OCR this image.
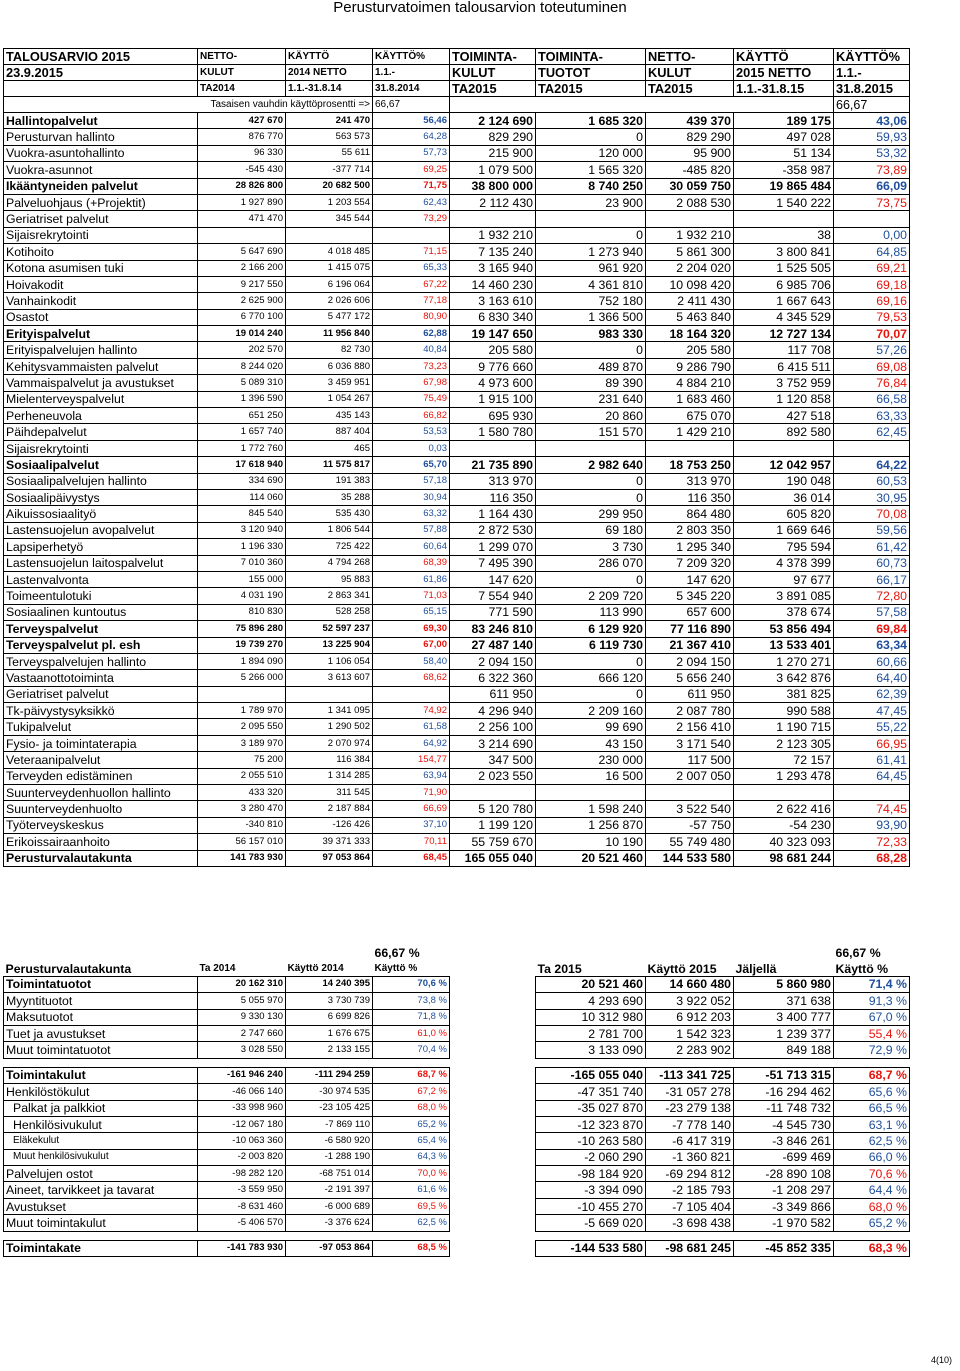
Perusturvatoimen talousarvion toteutuminen
TALOUSARVIO 2015	NETTO-	KÄYTTÖ	KÄYTTÖ%	TOIMINTA-	TOIMINTA-	NETTO-	KÄYTTÖ	KÄYTTÖ%
23.9.2015	KULUT	2014 NETTO	1.1.-	KULUT	TUOTOT	KULUT	2015 NETTO	1.1.-
	TA2014	1.1.-31.8.14	31.8.2014	TA2015	TA2015	TA2015	1.1.-31.8.15	31.8.2015
Tasaisen vauhdin käyttöprosentti =>			66,67					66,67
Hallintopalvelut	427 670	241 470	56,46	2 124 690	1 685 320	439 370	189 175	43,06
Perusturvan hallinto	876 770	563 573	64,28	829 290	0	829 290	497 028	59,93
Vuokra-asuntohallinto	96 330	55 611	57,73	215 900	120 000	95 900	51 134	53,32
Vuokra-asunnot	-545 430	-377 714	69,25	1 079 500	1 565 320	-485 820	-358 987	73,89
Ikääntyneiden palvelut	28 826 800	20 682 500	71,75	38 800 000	8 740 250	30 059 750	19 865 484	66,09
Palveluohjaus (+Projektit)	1 927 890	1 203 554	62,43	2 112 430	23 900	2 088 530	1 540 222	73,75
Geriatriset palvelut	471 470	345 544	73,29					
Sijaisrekrytointi				1 932 210	0	1 932 210	38	0,00
Kotihoito	5 647 690	4 018 485	71,15	7 135 240	1 273 940	5 861 300	3 800 841	64,85
Kotona asumisen tuki	2 166 200	1 415 075	65,33	3 165 940	961 920	2 204 020	1 525 505	69,21
Hoivakodit	9 217 550	6 196 064	67,22	14 460 230	4 361 810	10 098 420	6 985 706	69,18
Vanhainkodit	2 625 900	2 026 606	77,18	3 163 610	752 180	2 411 430	1 667 643	69,16
Osastot	6 770 100	5 477 172	80,90	6 830 340	1 366 500	5 463 840	4 345 529	79,53
Erityispalvelut	19 014 240	11 956 840	62,88	19 147 650	983 330	18 164 320	12 727 134	70,07
Erityispalvelujen hallinto	202 570	82 730	40,84	205 580	0	205 580	117 708	57,26
Kehitysvammaisten palvelut	8 244 020	6 036 880	73,23	9 776 660	489 870	9 286 790	6 415 511	69,08
Vammaispalvelut ja avustukset	5 089 310	3 459 951	67,98	4 973 600	89 390	4 884 210	3 752 959	76,84
Mielenterveyspalvelut	1 396 590	1 054 267	75,49	1 915 100	231 640	1 683 460	1 120 858	66,58
Perheneuvola	651 250	435 143	66,82	695 930	20 860	675 070	427 518	63,33
Päihdepalvelut	1 657 740	887 404	53,53	1 580 780	151 570	1 429 210	892 580	62,45
Sijaisrekrytointi	1 772 760	465	0,03					
Sosiaalipalvelut	17 618 940	11 575 817	65,70	21 735 890	2 982 640	18 753 250	12 042 957	64,22
Sosiaalipalvelujen hallinto	334 690	191 383	57,18	313 970	0	313 970	190 048	60,53
Sosiaalipäivystys	114 060	35 288	30,94	116 350	0	116 350	36 014	30,95
Aikuissosiaalityö	845 540	535 430	63,32	1 164 430	299 950	864 480	605 820	70,08
Lastensuojelun avopalvelut	3 120 940	1 806 544	57,88	2 872 530	69 180	2 803 350	1 669 646	59,56
Lapsiperhetyö	1 196 330	725 422	60,64	1 299 070	3 730	1 295 340	795 594	61,42
Lastensuojelun laitospalvelut	7 010 360	4 794 268	68,39	7 495 390	286 070	7 209 320	4 378 399	60,73
Lastenvalvonta	155 000	95 883	61,86	147 620	0	147 620	97 677	66,17
Toimeentulotuki	4 031 190	2 863 341	71,03	7 554 940	2 209 720	5 345 220	3 891 085	72,80
Sosiaalinen kuntoutus	810 830	528 258	65,15	771 590	113 990	657 600	378 674	57,58
Terveyspalvelut	75 896 280	52 597 237	69,30	83 246 810	6 129 920	77 116 890	53 856 494	69,84
Terveyspalvelut pl. esh	19 739 270	13 225 904	67,00	27 487 140	6 119 730	21 367 410	13 533 401	63,34
Terveyspalvelujen hallinto	1 894 090	1 106 054	58,40	2 094 150	0	2 094 150	1 270 271	60,66
Vastaanottotoiminta	5 266 000	3 613 607	68,62	6 322 360	666 120	5 656 240	3 642 876	64,40
Geriatriset palvelut				611 950	0	611 950	381 825	62,39
Tk-päivystysyksikkö	1 789 970	1 341 095	74,92	4 296 940	2 209 160	2 087 780	990 588	47,45
Tukipalvelut	2 095 550	1 290 502	61,58	2 256 100	99 690	2 156 410	1 190 715	55,22
Fysio- ja toimintaterapia	3 189 970	2 070 974	64,92	3 214 690	43 150	3 171 540	2 123 305	66,95
Veteraanipalvelut	75 200	116 384	154,77	347 500	230 000	117 500	72 157	61,41
Terveyden edistäminen	2 055 510	1 314 285	63,94	2 023 550	16 500	2 007 050	1 293 478	64,45
Suunterveydenhuollon hallinto	433 320	311 545	71,90					
Suunterveydenhuolto	3 280 470	2 187 884	66,69	5 120 780	1 598 240	3 522 540	2 622 416	74,45
Työterveyskeskus	-340 810	-126 426	37,10	1 199 120	1 256 870	-57 750	-54 230	93,90
Erikoissairaanhoito	56 157 010	39 371 333	70,11	55 759 670	10 190	55 749 480	40 323 093	72,33
Perusturvalautakunta	141 783 930	97 053 864	68,45	165 055 040	20 521 460	144 533 580	98 681 244	68,28
			66,67 %					66,67 %
Perusturvalautakunta	Ta 2014	Käyttö 2014	Käyttö %		Ta 2015	Käyttö 2015	Jäljellä	Käyttö %
Toimintatuotot	20 162 310	14 240 395	70,6 %		20 521 460	14 660 480	5 860 980	71,4 %
Myyntituotot	5 055 970	3 730 739	73,8 %		4 293 690	3 922 052	371 638	91,3 %
Maksutuotot	9 330 130	6 699 826	71,8 %		10 312 980	6 912 203	3 400 777	67,0 %
Tuet ja avustukset	2 747 660	1 676 675	61,0 %		2 781 700	1 542 323	1 239 377	55,4 %
Muut toimintatuotot	3 028 550	2 133 155	70,4 %		3 133 090	2 283 902	849 188	72,9 %

Toimintakulut	-161 946 240	-111 294 259	68,7 %		-165 055 040	-113 341 725	-51 713 315	68,7 %
Henkilöstökulut	-46 066 140	-30 974 535	67,2 %		-47 351 740	-31 057 278	-16 294 462	65,6 %
Palkat ja palkkiot	-33 998 960	-23 105 425	68,0 %		-35 027 870	-23 279 138	-11 748 732	66,5 %
Henkilösivukulut	-12 067 180	-7 869 110	65,2 %		-12 323 870	-7 778 140	-4 545 730	63,1 %
Eläkekulut	-10 063 360	-6 580 920	65,4 %		-10 263 580	-6 417 319	-3 846 261	62,5 %
Muut henkilösivukulut	-2 003 820	-1 288 190	64,3 %		-2 060 290	-1 360 821	-699 469	66,0 %
Palvelujen ostot	-98 282 120	-68 751 014	70,0 %		-98 184 920	-69 294 812	-28 890 108	70,6 %
Aineet, tarvikkeet ja tavarat	-3 559 950	-2 191 397	61,6 %		-3 394 090	-2 185 793	-1 208 297	64,4 %
Avustukset	-8 631 460	-6 000 689	69,5 %		-10 455 270	-7 105 404	-3 349 866	68,0 %
Muut toimintakulut	-5 406 570	-3 376 624	62,5 %		-5 669 020	-3 698 438	-1 970 582	65,2 %

Toimintakate	-141 783 930	-97 053 864	68,5 %		-144 533 580	-98 681 245	-45 852 335	68,3 %
4(10)
